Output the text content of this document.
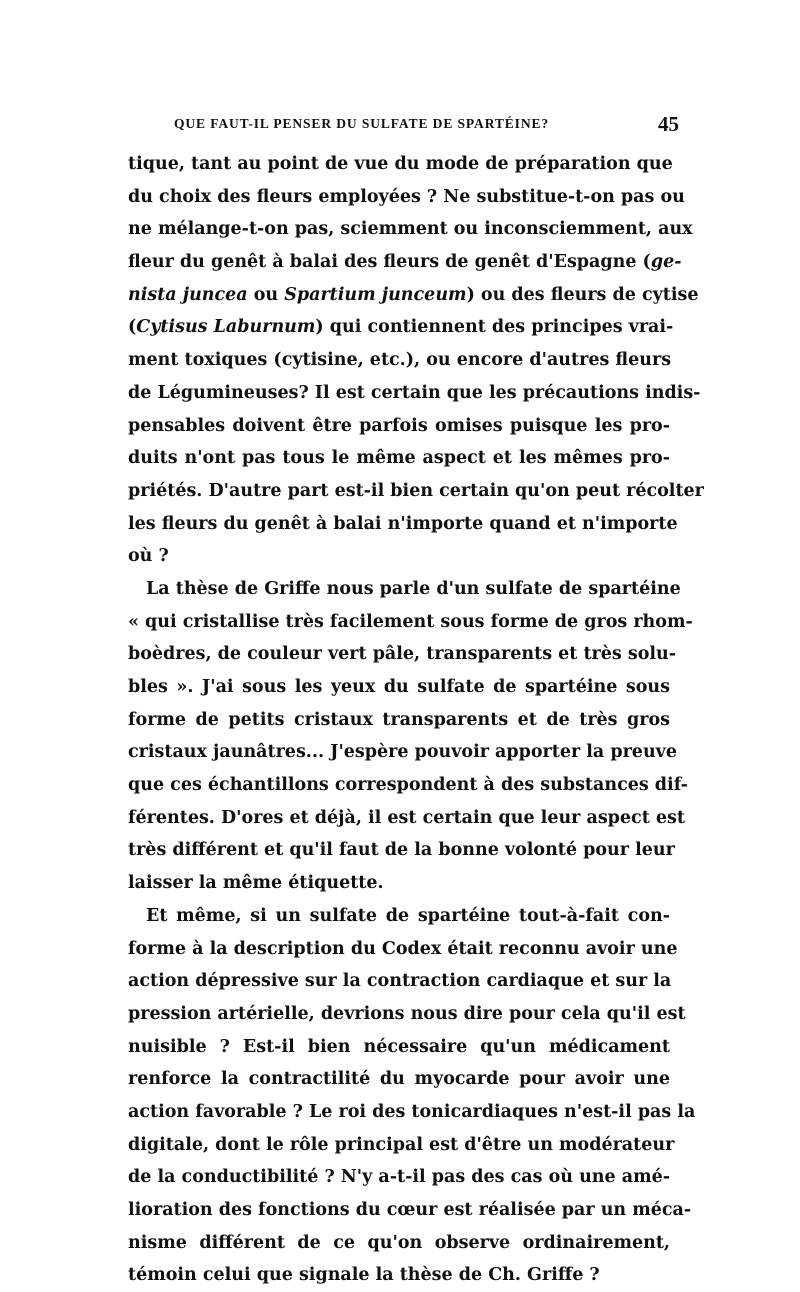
QUE FAUT-IL PENSER DU SULFATE DE SPARTÉINE?	45
tique, tant au point de vue du mode de préparation que
du choix des fleurs employées ? Ne substitue-t-on pas ou
ne mélange-t-on pas, sciemment ou inconsciemment, aux
fleur du genêt à balai des fleurs de genêt d'Espagne (ge-
nista juncea ou Spartium junceum) ou des fleurs de cytise
(Cytisus Laburnum) qui contiennent des principes vrai-
ment toxiques (cytisine, etc.), ou encore d'autres fleurs
de Légumineuses? Il est certain que les précautions indis-
pensables doivent être parfois omises puisque les pro-
duits n'ont pas tous le même aspect et les mêmes pro-
priétés. D'autre part est-il bien certain qu'on peut récolter
les fleurs du genêt à balai n'importe quand et n'importe
où ?
La thèse de Griffe nous parle d'un sulfate de spartéine
« qui cristallise très facilement sous forme de gros rhom-
boèdres, de couleur vert pâle, transparents et très solu-
bles ». J'ai sous les yeux du sulfate de spartéine sous
forme de petits cristaux transparents et de très gros
cristaux jaunâtres... J'espère pouvoir apporter la preuve
que ces échantillons correspondent à des substances dif-
férentes. D'ores et déjà, il est certain que leur aspect est
très différent et qu'il faut de la bonne volonté pour leur
laisser la même étiquette.
Et même, si un sulfate de spartéine tout-à-fait con-
forme à la description du Codex était reconnu avoir une
action dépressive sur la contraction cardiaque et sur la
pression artérielle, devrions nous dire pour cela qu'il est
nuisible ? Est-il bien nécessaire qu'un médicament
renforce la contractilité du myocarde pour avoir une
action favorable ? Le roi des tonicardiaques n'est-il pas la
digitale, dont le rôle principal est d'être un modérateur
de la conductibilité ? N'y a-t-il pas des cas où une amé-
lioration des fonctions du cœur est réalisée par un méca-
nisme différent de ce qu'on observe ordinairement,
témoin celui que signale la thèse de Ch. Griffe ?
